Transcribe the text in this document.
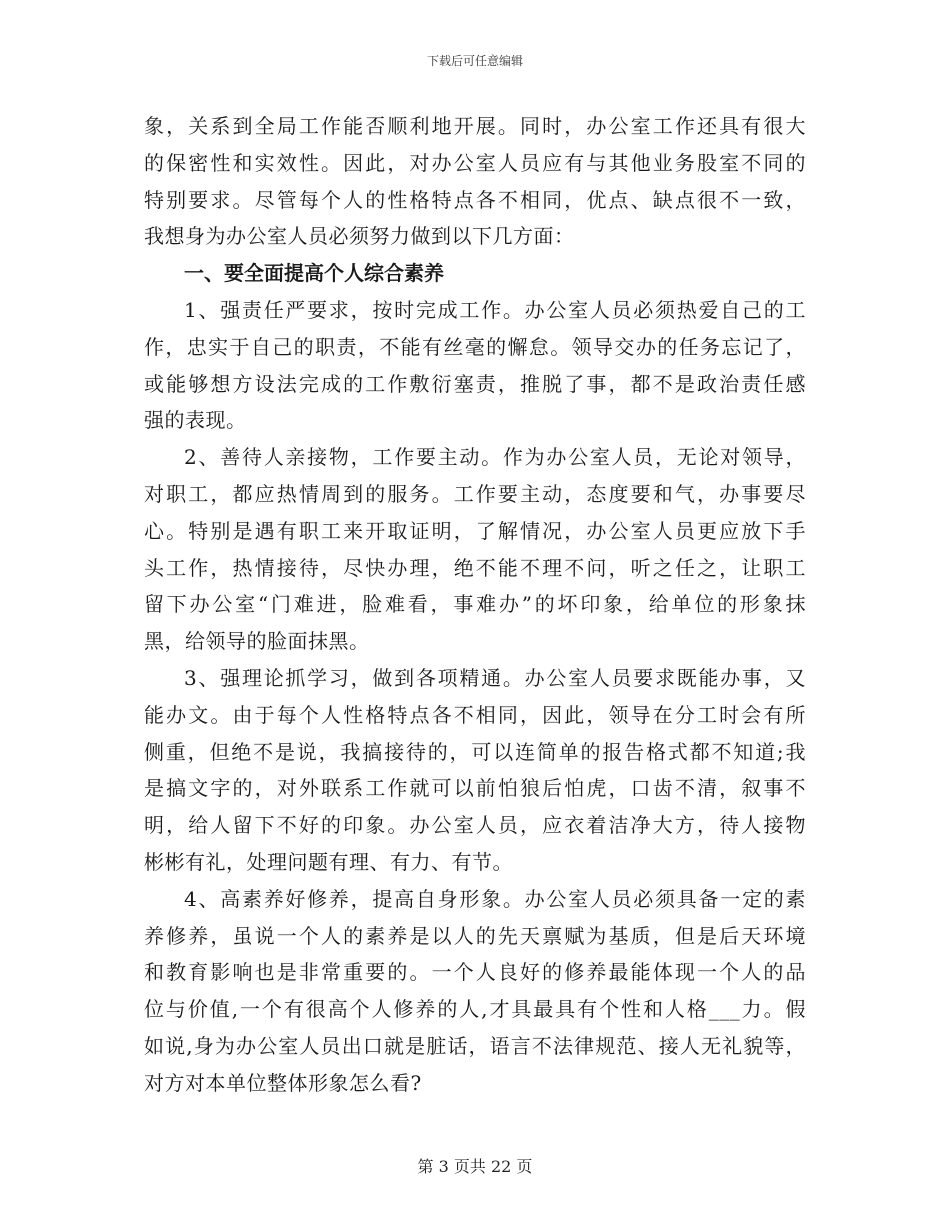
下载后可任意编辑
象，关系到全局工作能否顺利地开展。同时，办公室工作还具有很大
的保密性和实效性。因此，对办公室人员应有与其他业务股室不同的
特别要求。尽管每个人的性格特点各不相同，优点、缺点很不一致，
我想身为办公室人员必须努力做到以下几方面：
一、要全面提高个人综合素养
1、强责任严要求，按时完成工作。办公室人员必须热爱自己的工
作，忠实于自己的职责，不能有丝毫的懈怠。领导交办的任务忘记了，
或能够想方设法完成的工作敷衍塞责，推脱了事，都不是政治责任感
强的表现。
2、善待人亲接物，工作要主动。作为办公室人员，无论对领导，
对职工，都应热情周到的服务。工作要主动，态度要和气，办事要尽
心。特别是遇有职工来开取证明，了解情况，办公室人员更应放下手
头工作，热情接待，尽快办理，绝不能不理不问，听之任之，让职工
留下办公室“门难进，脸难看，事难办”的坏印象，给单位的形象抹
黑，给领导的脸面抹黑。
3、强理论抓学习，做到各项精通。办公室人员要求既能办事，又
能办文。由于每个人性格特点各不相同，因此，领导在分工时会有所
侧重，但绝不是说，我搞接待的，可以连简单的报告格式都不知道;我
是搞文字的，对外联系工作就可以前怕狼后怕虎，口齿不清，叙事不
明，给人留下不好的印象。办公室人员，应衣着洁净大方，待人接物
彬彬有礼，处理问题有理、有力、有节。
4、高素养好修养，提高自身形象。办公室人员必须具备一定的素
养修养，虽说一个人的素养是以人的先天禀赋为基质，但是后天环境
和教育影响也是非常重要的。一个人良好的修养最能体现一个人的品
位与价值,一个有很高个人修养的人,才具最具有个性和人格___力。假
如说,身为办公室人员出口就是脏话，语言不法律规范、接人无礼貌等，
对方对本单位整体形象怎么看?
第 3 页共 22 页
